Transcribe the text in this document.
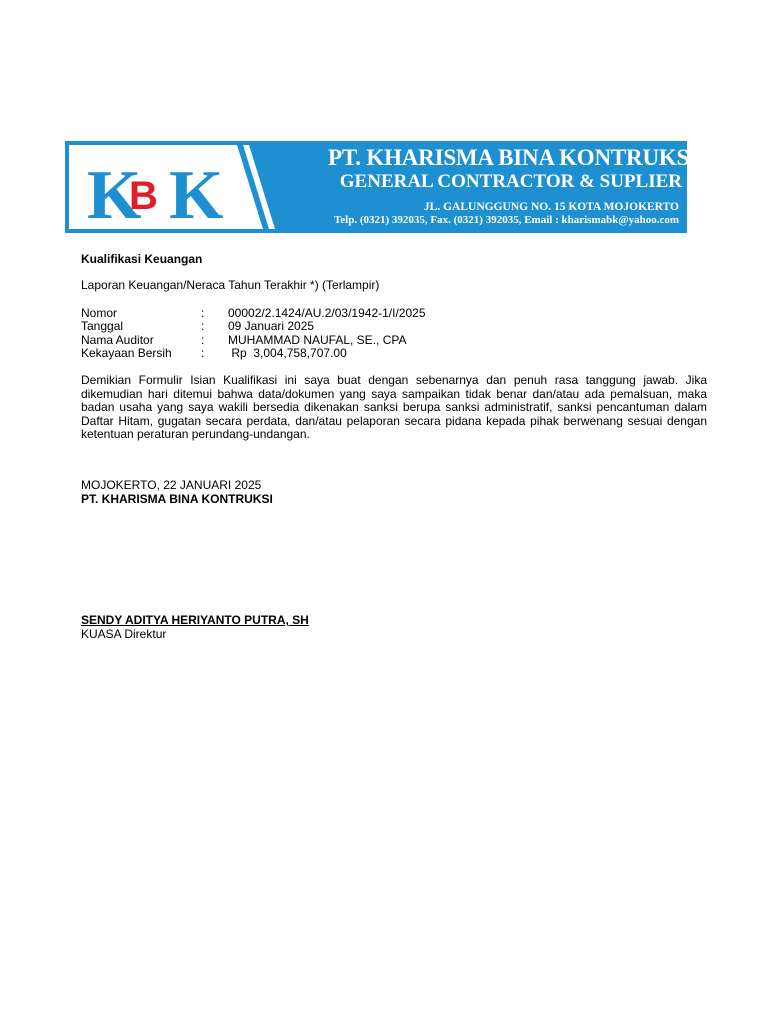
K
B K	PT. KHARISMA BINA KONTRUKSI
GENERAL CONTRACTOR & SUPLIER
JL. GALUNGGUNG NO. 15 KOTA MOJOKERTO
Telp. (0321) 392035, Fax. (0321) 392035, Email : kharismabk@yahoo.com

Kualifikasi Keuangan

Laporan Keuangan/Neraca Tahun Terakhir *) (Terlampir)

Nomor	:	00002/2.1424/AU.2/03/1942-1/I/2025
Tanggal	:	09 Januari 2025
Nama Auditor	:	MUHAMMAD NAUFAL, SE., CPA
Kekayaan Bersih	:	Rp  3,004,758,707.00
Demikian Formulir Isian Kualifikasi ini saya buat dengan sebenarnya dan penuh rasa tanggung jawab. Jika dikemudian hari ditemui bahwa data/dokumen yang saya sampaikan tidak benar dan/atau ada pemalsuan, maka badan usaha yang saya wakili bersedia dikenakan sanksi berupa sanksi administratif, sanksi pencantuman dalam Daftar Hitam, gugatan secara perdata, dan/atau pelaporan secara pidana kepada pihak berwenang sesuai dengan ketentuan peraturan perundang-undangan.
MOJOKERTO, 22 JANUARI 2025
PT. KHARISMA BINA KONTRUKSI
SENDY ADITYA HERIYANTO PUTRA, SH
KUASA Direktur
